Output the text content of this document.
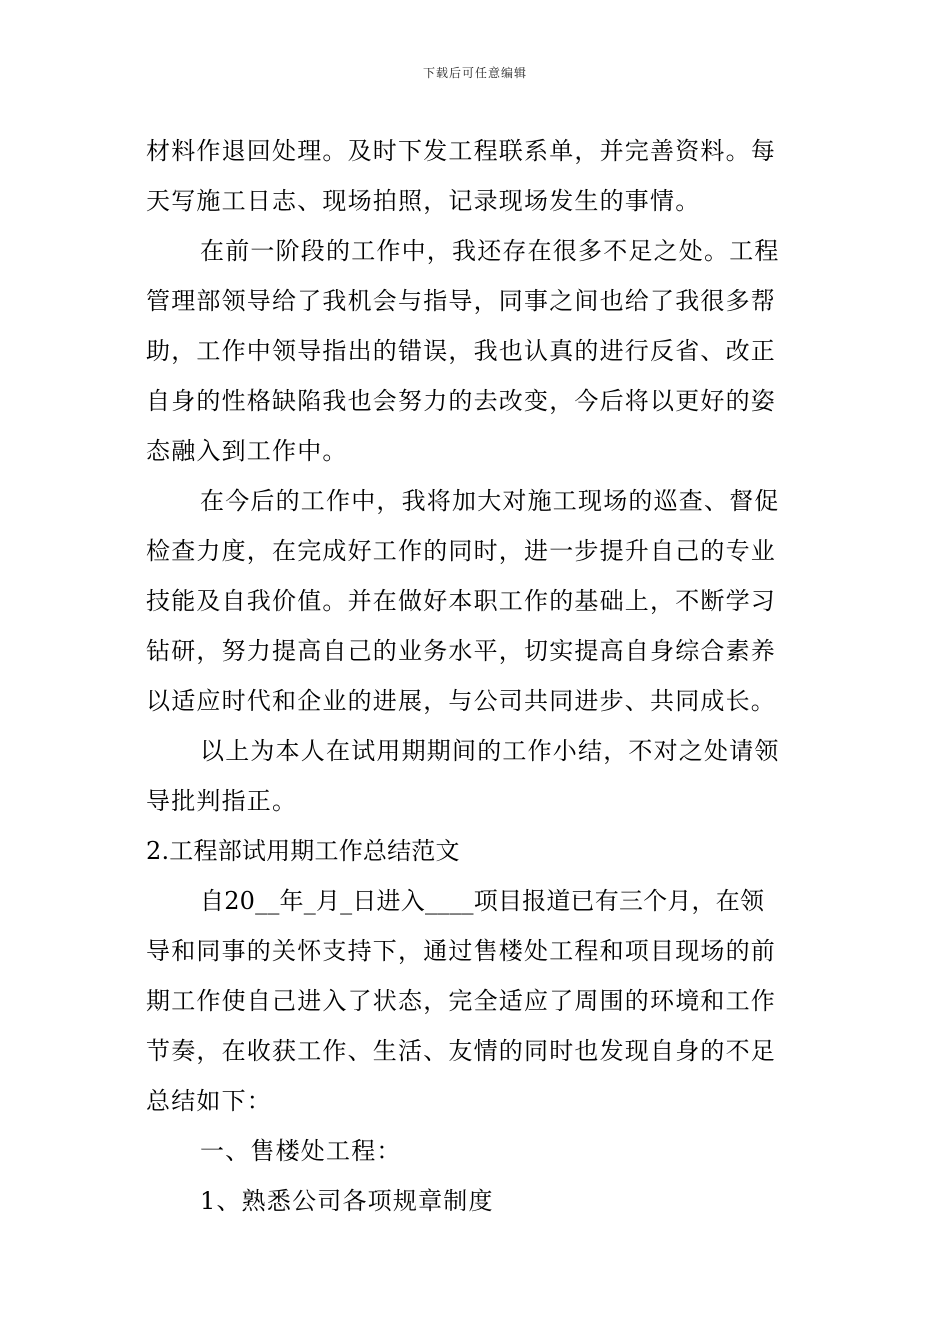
下载后可任意编辑
材料作退回处理。及时下发工程联系单，并完善资料。每
天写施工日志、现场拍照，记录现场发生的事情。
在前一阶段的工作中，我还存在很多不足之处。工程
管理部领导给了我机会与指导，同事之间也给了我很多帮
助，工作中领导指出的错误，我也认真的进行反省、改正
自身的性格缺陷我也会努力的去改变，今后将以更好的姿
态融入到工作中。
在今后的工作中，我将加大对施工现场的巡查、督促
检查力度，在完成好工作的同时，进一步提升自己的专业
技能及自我价值。并在做好本职工作的基础上，不断学习
钻研，努力提高自己的业务水平，切实提高自身综合素养
以适应时代和企业的进展，与公司共同进步、共同成长。
以上为本人在试用期期间的工作小结，不对之处请领
导批判指正。
2.工程部试用期工作总结范文
自20__年_月_日进入____项目报道已有三个月，在领
导和同事的关怀支持下，通过售楼处工程和项目现场的前
期工作使自己进入了状态，完全适应了周围的环境和工作
节奏，在收获工作、生活、友情的同时也发现自身的不足
总结如下：
一、售楼处工程：
1、熟悉公司各项规章制度
